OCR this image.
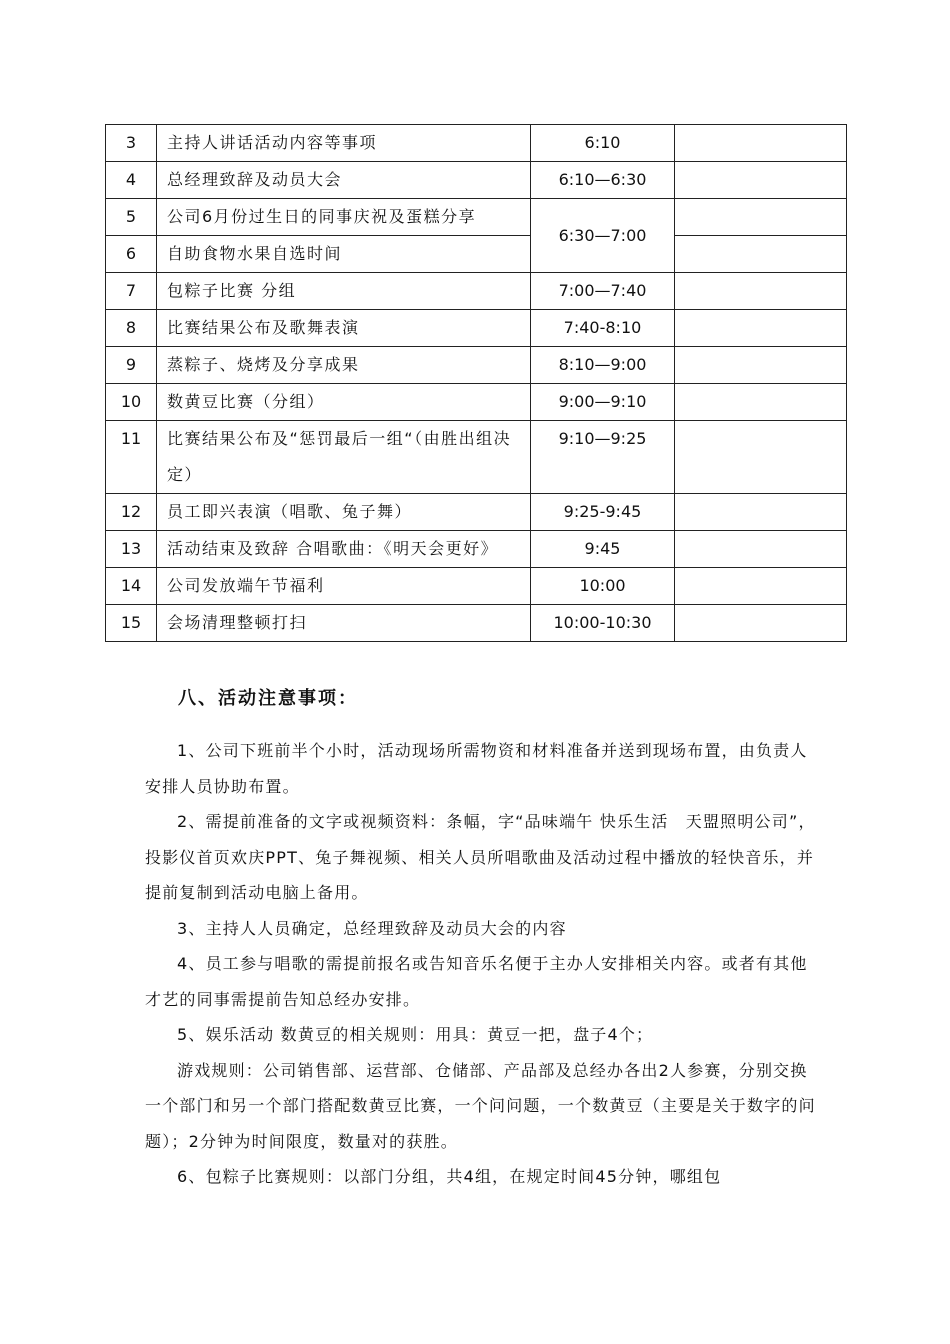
3	主持人讲话活动内容等事项	6:10	
4	总经理致辞及动员大会	6:10—6:30	
5	公司6月份过生日的同事庆祝及蛋糕分享	6:30—7:00	
6	自助食物水果自选时间		
7	包粽子比赛 分组	7:00—7:40	
8	比赛结果公布及歌舞表演	7:40-8:10	
9	蒸粽子、烧烤及分享成果	8:10—9:00	
10	数黄豆比赛（分组）	9:00—9:10	
11	比赛结果公布及“惩罚最后一组“（由胜出组决定）	9:10—9:25	
12	员工即兴表演（唱歌、兔子舞）	9:25-9:45	
13	活动结束及致辞 合唱歌曲：《明天会更好》	9:45	
14	公司发放端午节福利	10:00	
15	会场清理整顿打扫	10:00-10:30	
八、活动注意事项：

1、公司下班前半个小时，活动现场所需物资和材料准备并送到现场布置，由负责人安排人员协助布置。

2、需提前准备的文字或视频资料：条幅，字“品味端午 快乐生活　天盟照明公司”，投影仪首页欢庆PPT、兔子舞视频、相关人员所唱歌曲及活动过程中播放的轻快音乐，并提前复制到活动电脑上备用。

3、主持人人员确定，总经理致辞及动员大会的内容

4、员工参与唱歌的需提前报名或告知音乐名便于主办人安排相关内容。或者有其他才艺的同事需提前告知总经办安排。

5、娱乐活动 数黄豆的相关规则：用具：黄豆一把，盘子4个；

游戏规则：公司销售部、运营部、仓储部、产品部及总经办各出2人参赛，分别交换一个部门和另一个部门搭配数黄豆比赛，一个问问题，一个数黄豆（主要是关于数字的问题）；2分钟为时间限度，数量对的获胜。

6、包粽子比赛规则：以部门分组，共4组，在规定时间45分钟，哪组包
